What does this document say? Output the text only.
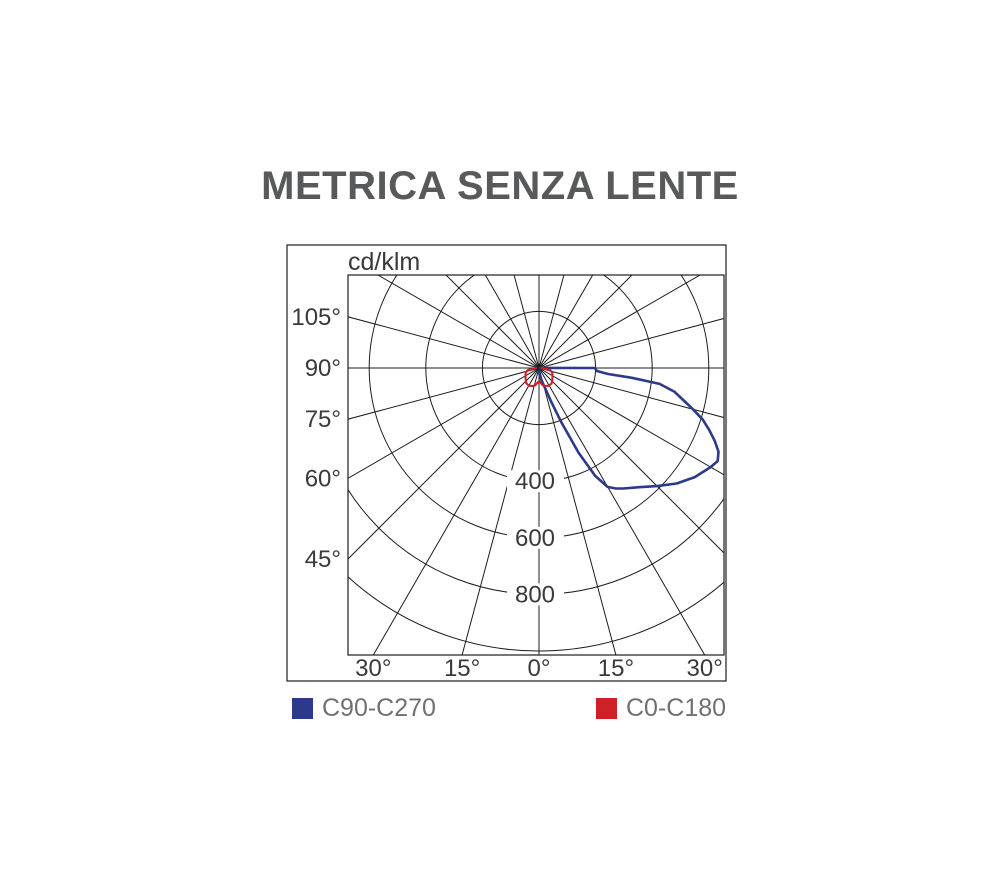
METRICA SENZA LENTE
400
600
800
cd/klm
105°
90°
75°
60°
45°
30° 15° 0° 15° 30°
C90-C270	C0-C180
